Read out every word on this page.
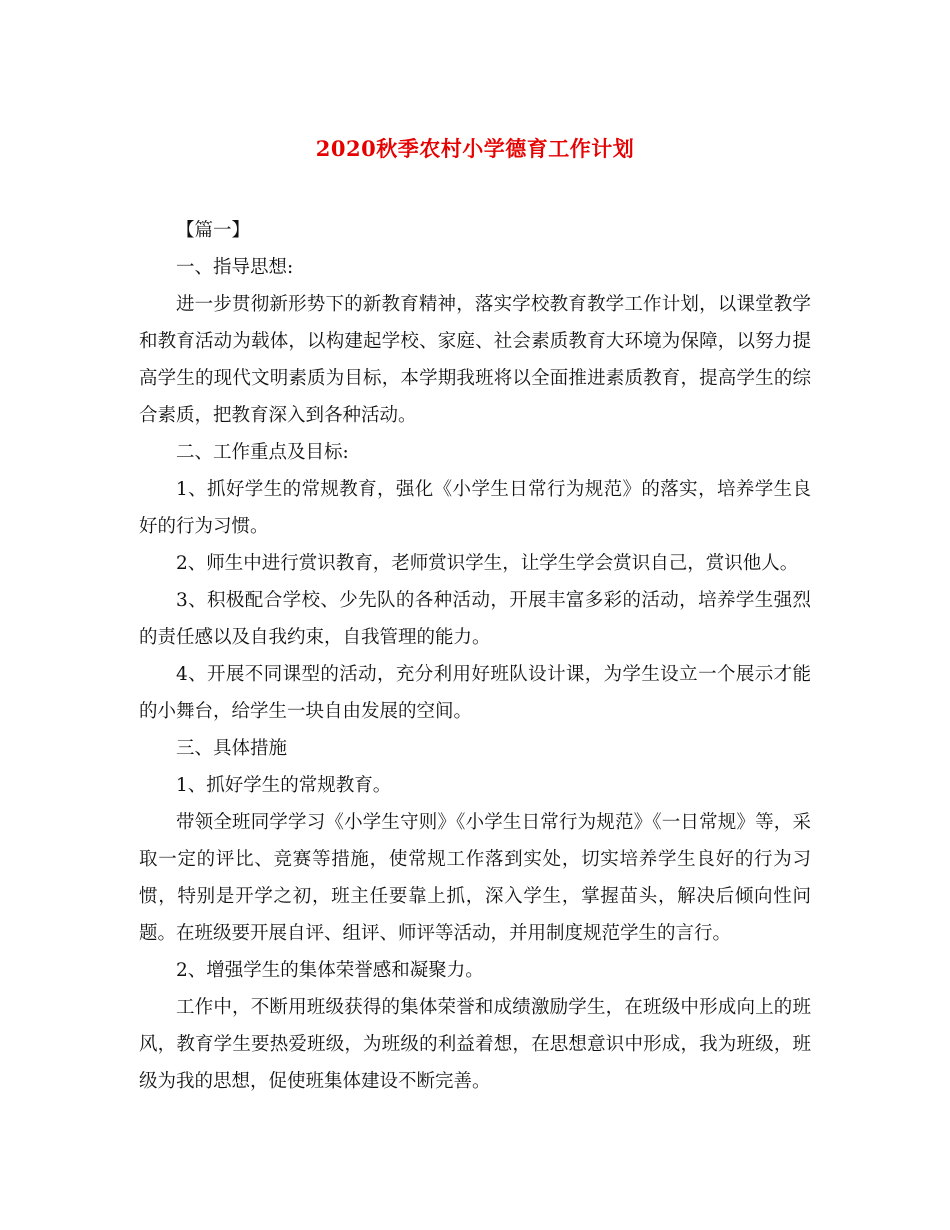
2020秋季农村小学德育工作计划

【篇一】

一、指导思想:

进一步贯彻新形势下的新教育精神，落实学校教育教学工作计划，以课堂教学和教育活动为载体，以构建起学校、家庭、社会素质教育大环境为保障，以努力提高学生的现代文明素质为目标，本学期我班将以全面推进素质教育，提高学生的综合素质，把教育深入到各种活动。

二、工作重点及目标:

1、抓好学生的常规教育，强化《小学生日常行为规范》的落实，培养学生良好的行为习惯。

2、师生中进行赏识教育，老师赏识学生，让学生学会赏识自己，赏识他人。

3、积极配合学校、少先队的各种活动，开展丰富多彩的活动，培养学生强烈的责任感以及自我约束，自我管理的能力。

4、开展不同课型的活动，充分利用好班队设计课，为学生设立一个展示才能的小舞台，给学生一块自由发展的空间。

三、具体措施

1、抓好学生的常规教育。

带领全班同学学习《小学生守则》《小学生日常行为规范》《一日常规》等，采取一定的评比、竞赛等措施，使常规工作落到实处，切实培养学生良好的行为习惯，特别是开学之初，班主任要靠上抓，深入学生，掌握苗头，解决后倾向性问题。在班级要开展自评、组评、师评等活动，并用制度规范学生的言行。

2、增强学生的集体荣誉感和凝聚力。

工作中，不断用班级获得的集体荣誉和成绩激励学生，在班级中形成向上的班风，教育学生要热爱班级，为班级的利益着想，在思想意识中形成，我为班级，班级为我的思想，促使班集体建设不断完善。
